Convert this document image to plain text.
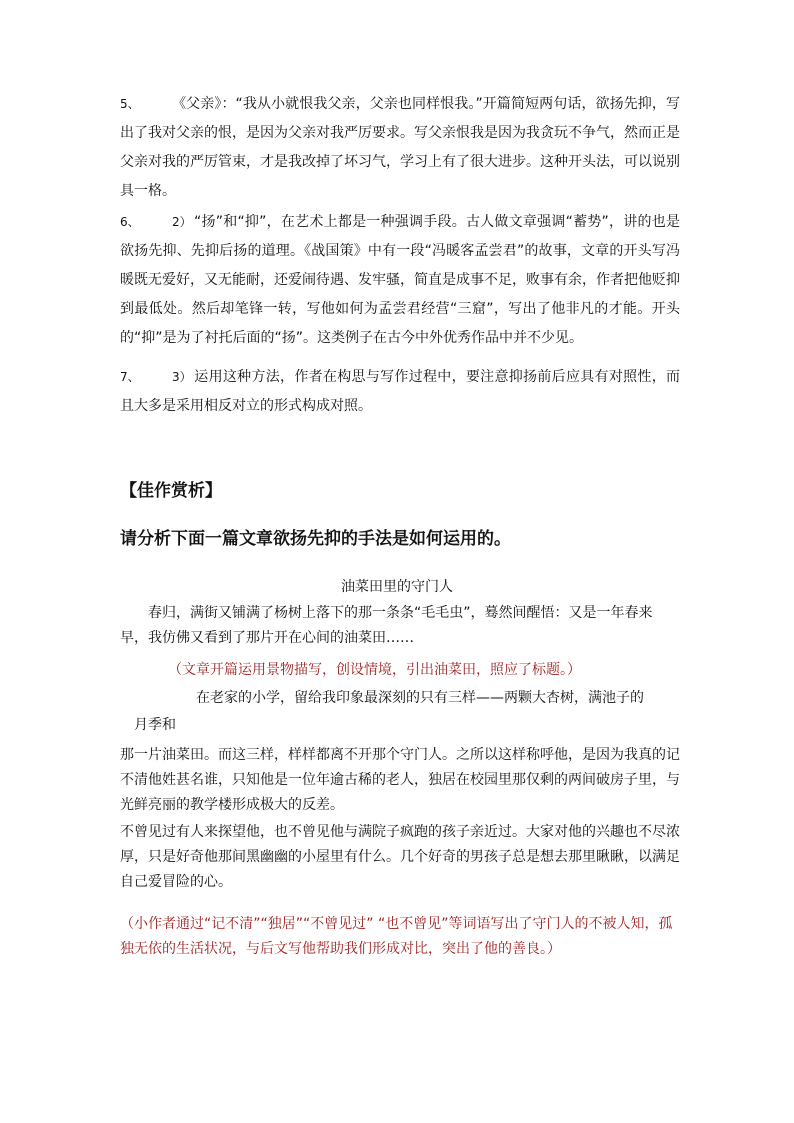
5、 《父亲》：“我从小就恨我父亲，父亲也同样恨我。”开篇简短两句话，欲扬先抑，写出了我对父亲的恨，是因为父亲对我严厉要求。写父亲恨我是因为我贪玩不争气，然而正是父亲对我的严厉管束，才是我改掉了坏习气，学习上有了很大进步。这种开头法，可以说别具一格。

6、	2） “扬”和“抑”，在艺术上都是一种强调手段。古人做文章强调“蓄势”，讲的也是欲扬先抑、先抑后扬的道理。《战国策》中有一段“冯暖客孟尝君”的故事，文章的开头写冯暖既无爱好，又无能耐，还爱闹待遇、发牢骚，简直是成事不足，败事有余，作者把他贬抑到最低处。然后却笔锋一转，写他如何为孟尝君经营“三窟”，写出了他非凡的才能。开头的“抑”是为了衬托后面的“扬”。这类例子在古今中外优秀作品中并不少见。

7、	3） 运用这种方法，作者在构思与写作过程中，要注意抑扬前后应具有对照性，而且大多是采用相反对立的形式构成对照。

【佳作赏析】
请分析下面一篇文章欲扬先抑的手法是如何运用的。

油菜田里的守门人

春归，满街又铺满了杨树上落下的那一条条“毛毛虫”，蓦然间醒悟：又是一年春来早，我仿佛又看到了那片开在心间的油菜田……

（文章开篇运用景物描写，创设情境，引出油菜田，照应了标题。）

在老家的小学，留给我印象最深刻的只有三样——两颗大杏树，满池子的

月季和

那一片油菜田。而这三样，样样都离不开那个守门人。之所以这样称呼他，是因为我真的记不清他姓甚名谁，只知他是一位年逾古稀的老人，独居在校园里那仅剩的两间破房子里，与光鲜亮丽的教学楼形成极大的反差。

不曾见过有人来探望他，也不曾见他与满院子疯跑的孩子亲近过。大家对他的兴趣也不尽浓厚，只是好奇他那间黑幽幽的小屋里有什么。几个好奇的男孩子总是想去那里瞅瞅，以满足自己爱冒险的心。

（小作者通过“记不清”“独居”“不曾见过” “也不曾见”等词语写出了守门人的不被人知，孤独无依的生活状况，与后文写他帮助我们形成对比，突出了他的善良。）
